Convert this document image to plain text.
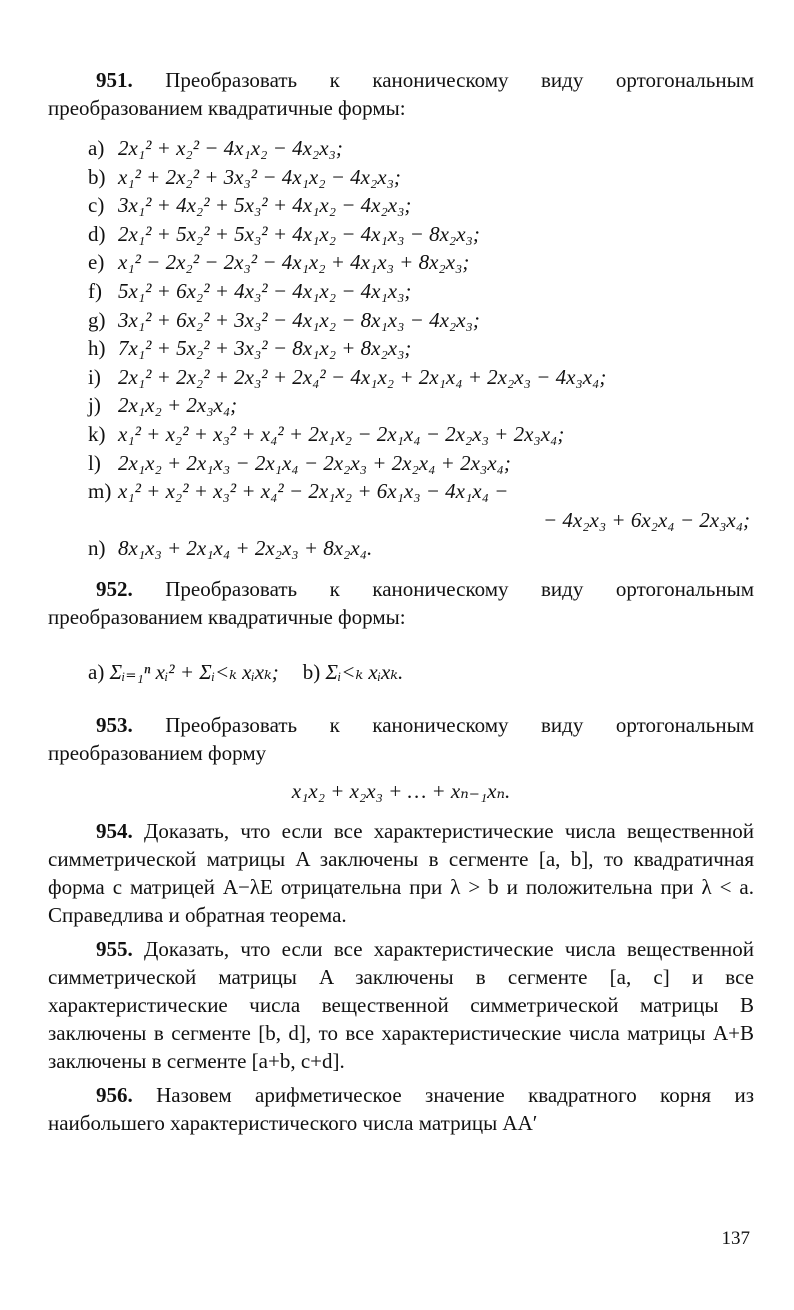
951. Преобразовать к каноническому виду ортогональным преобразованием квадратичные формы:

a) 2x₁² + x₂² − 4x₁x₂ − 4x₂x₃;
b) x₁² + 2x₂² + 3x₃² − 4x₁x₂ − 4x₂x₃;
c) 3x₁² + 4x₂² + 5x₃² + 4x₁x₂ − 4x₂x₃;
d) 2x₁² + 5x₂² + 5x₃² + 4x₁x₂ − 4x₁x₃ − 8x₂x₃;
e) x₁² − 2x₂² − 2x₃² − 4x₁x₂ + 4x₁x₃ + 8x₂x₃;
f) 5x₁² + 6x₂² + 4x₃² − 4x₁x₂ − 4x₁x₃;
g) 3x₁² + 6x₂² + 3x₃² − 4x₁x₂ − 8x₁x₃ − 4x₂x₃;
h) 7x₁² + 5x₂² + 3x₃² − 8x₁x₂ + 8x₂x₃;
i) 2x₁² + 2x₂² + 2x₃² + 2x₄² − 4x₁x₂ + 2x₁x₄ + 2x₂x₃ − 4x₃x₄;
j) 2x₁x₂ + 2x₃x₄;
k) x₁² + x₂² + x₃² + x₄² + 2x₁x₂ − 2x₁x₄ − 2x₂x₃ + 2x₃x₄;
l) 2x₁x₂ + 2x₁x₃ − 2x₁x₄ − 2x₂x₃ + 2x₂x₄ + 2x₃x₄;
m) x₁² + x₂² + x₃² + x₄² − 2x₁x₂ + 6x₁x₃ − 4x₁x₄ −
− 4x₂x₃ + 6x₂x₄ − 2x₃x₄;
n) 8x₁x₃ + 2x₁x₄ + 2x₂x₃ + 8x₂x₄.

952. Преобразовать к каноническому виду ортогональным преобразованием квадратичные формы:

a) Σᵢ₌₁ⁿ xᵢ² + Σᵢ<ₖ xᵢxₖ; b) Σᵢ<ₖ xᵢxₖ.

953. Преобразовать к каноническому виду ортогональным преобразованием форму

x₁x₂ + x₂x₃ + … + xₙ₋₁xₙ.

954. Доказать, что если все характеристические числа вещественной симметрической матрицы A заключены в сегменте [a, b], то квадратичная форма с матрицей A−λE отрицательна при λ > b и положительна при λ < a. Справедлива и обратная теорема.

955. Доказать, что если все характеристические числа вещественной симметрической матрицы A заключены в сегменте [a, c] и все характеристические числа вещественной симметрической матрицы B заключены в сегменте [b, d], то все характеристические числа матрицы A+B заключены в сегменте [a+b, c+d].

956. Назовем арифметическое значение квадратного корня из наибольшего характеристического числа матрицы AA′

137
